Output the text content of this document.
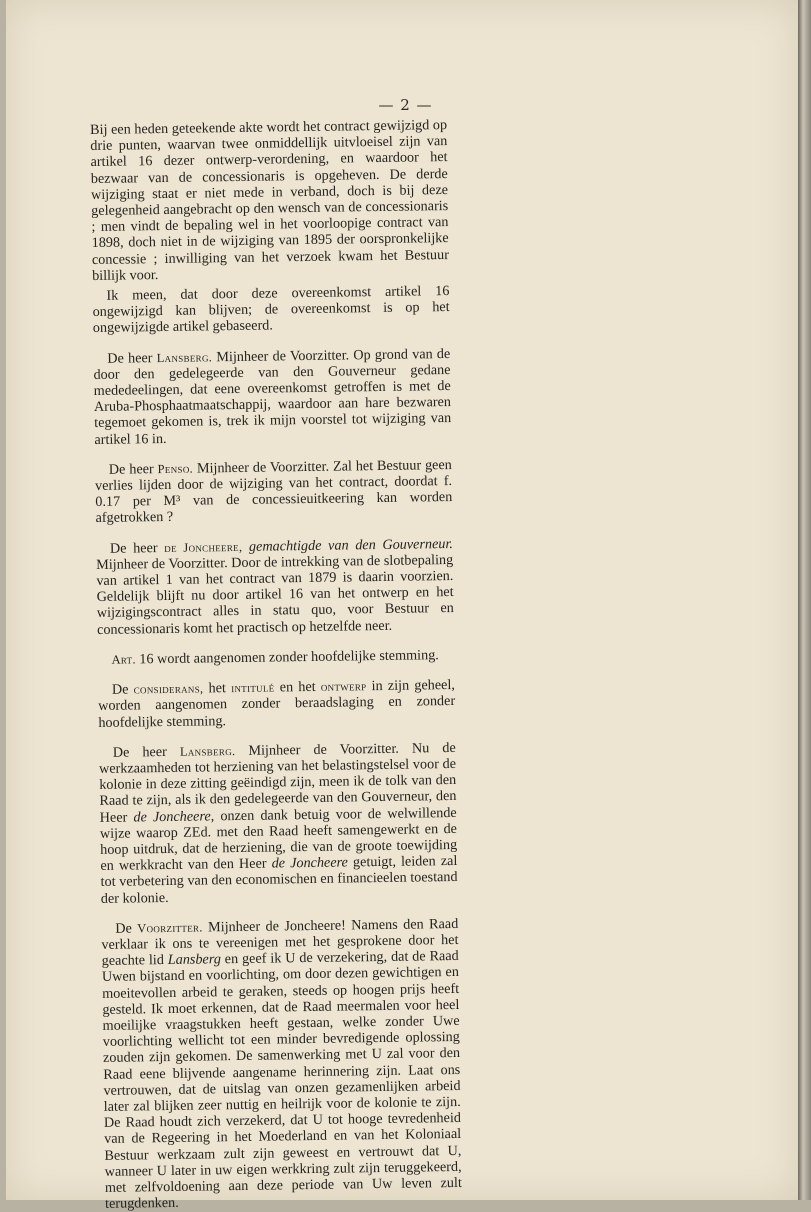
— 2 —

Bij een heden geteekende akte wordt het contract gewijzigd op drie punten, waarvan twee onmiddellijk uitvloeisel zijn van artikel 16 dezer ontwerp-verordening, en waardoor het bezwaar van de concessionaris is opgeheven. De derde wijziging staat er niet mede in verband, doch is bij deze gelegenheid aangebracht op den wensch van de concessionaris ; men vindt de bepaling wel in het voorloopige contract van 1898, doch niet in de wijziging van 1895 der oorspronkelijke concessie ; inwilliging van het verzoek kwam het Bestuur billijk voor.

Ik meen, dat door deze overeenkomst artikel 16 ongewijzigd kan blijven; de overeenkomst is op het ongewijzigde artikel gebaseerd.

De heer Lansberg. Mijnheer de Voorzitter. Op grond van de door den gedelegeerde van den Gouverneur gedane mededeelingen, dat eene overeenkomst getroffen is met de Aruba-Phosphaatmaatschappij, waardoor aan hare bezwaren tegemoet gekomen is, trek ik mijn voorstel tot wijziging van artikel 16 in.

De heer Penso. Mijnheer de Voorzitter. Zal het Bestuur geen verlies lijden door de wijziging van het contract, doordat f. 0.17 per M³ van de concessieuitkeering kan worden afgetrokken ?

De heer de Joncheere, gemachtigde van den Gouverneur. Mijnheer de Voorzitter. Door de intrekking van de slotbepaling van artikel 1 van het contract van 1879 is daarin voorzien. Geldelijk blijft nu door artikel 16 van het ontwerp en het wijzigingscontract alles in statu quo, voor Bestuur en concessionaris komt het practisch op hetzelfde neer.

Art. 16 wordt aangenomen zonder hoofdelijke stemming.

De considerans, het intitulé en het ontwerp in zijn geheel, worden aangenomen zonder beraadslaging en zonder hoofdelijke stemming.

De heer Lansberg. Mijnheer de Voorzitter. Nu de werkzaamheden tot herziening van het belastingstelsel voor de kolonie in deze zitting geëindigd zijn, meen ik de tolk van den Raad te zijn, als ik den gedelegeerde van den Gouverneur, den Heer de Joncheere, onzen dank betuig voor de welwillende wijze waarop ZEd. met den Raad heeft samengewerkt en de hoop uitdruk, dat de herziening, die van de groote toewijding en werkkracht van den Heer de Joncheere getuigt, leiden zal tot verbetering van den economischen en financieelen toestand der kolonie.

De Voorzitter. Mijnheer de Joncheere! Namens den Raad verklaar ik ons te vereenigen met het gesprokene door het geachte lid Lansberg en geef ik U de verzekering, dat de Raad Uwen bijstand en voorlichting, om door dezen gewichtigen en moeitevollen arbeid te geraken, steeds op hoogen prijs heeft gesteld. Ik moet erkennen, dat de Raad meermalen voor heel moeilijke vraagstukken heeft gestaan, welke zonder Uwe voorlichting wellicht tot een minder bevredigende oplossing zouden zijn gekomen. De samenwerking met U zal voor den Raad eene blijvende aangename herinnering zijn. Laat ons vertrouwen, dat de uitslag van onzen gezamenlijken arbeid later zal blijken zeer nuttig en heilrijk voor de kolonie te zijn. De Raad houdt zich verzekerd, dat U tot hooge tevredenheid van de Regeering in het Moederland en van het Koloniaal Bestuur werkzaam zult zijn geweest en vertrouwt dat U, wanneer U later in uw eigen werkkring zult zijn teruggekeerd, met zelfvoldoening aan deze periode van Uw leven zult terugdenken.
